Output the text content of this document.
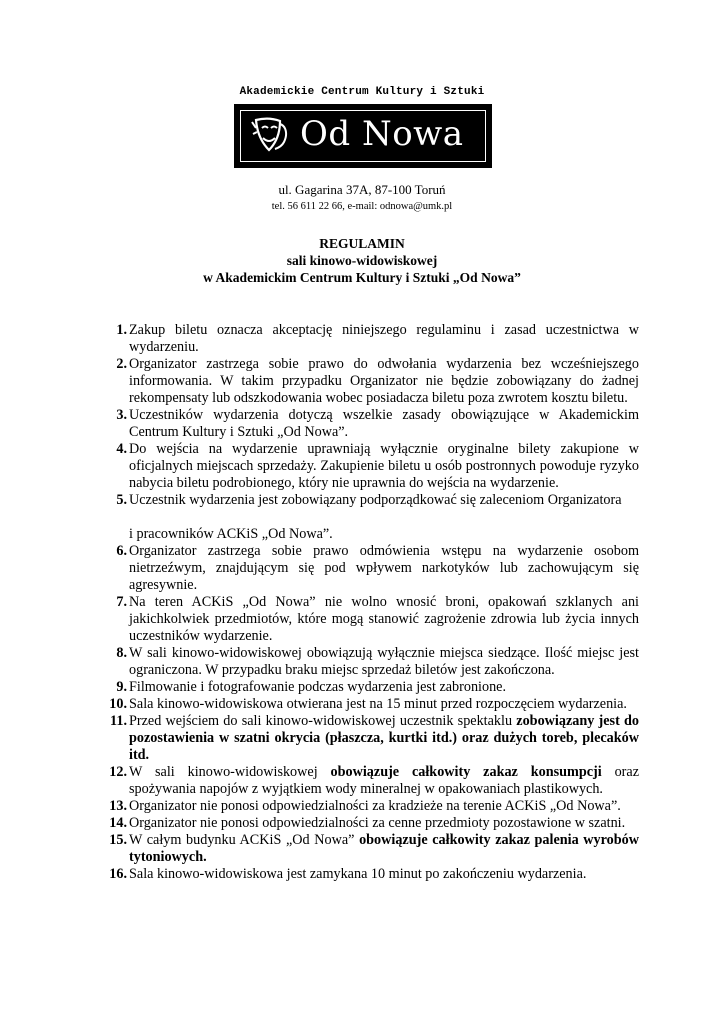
Akademickie Centrum Kultury i Sztuki
Od Nowa
ul. Gagarina 37A, 87-100 Toruń
tel. 56 611 22 66, e-mail: odnowa@umk.pl
REGULAMIN
sali kinowo-widowiskowej
w Akademickim Centrum Kultury i Sztuki „Od Nowa”
1. Zakup biletu oznacza akceptację niniejszego regulaminu i zasad uczestnictwa w wydarzeniu.
2. Organizator zastrzega sobie prawo do odwołania wydarzenia bez wcześniejszego informowania. W takim przypadku Organizator nie będzie zobowiązany do żadnej rekompensaty lub odszkodowania wobec posiadacza biletu poza zwrotem kosztu biletu.
3. Uczestników wydarzenia dotyczą wszelkie zasady obowiązujące w Akademickim Centrum Kultury i Sztuki „Od Nowa”.
4. Do wejścia na wydarzenie uprawniają wyłącznie oryginalne bilety zakupione w oficjalnych miejscach sprzedaży. Zakupienie biletu u osób postronnych powoduje ryzyko nabycia biletu podrobionego, który nie uprawnia do wejścia na wydarzenie.
5. Uczestnik wydarzenia jest zobowiązany podporządkować się zaleceniom Organizatora

i pracowników ACKiS „Od Nowa”.
6. Organizator zastrzega sobie prawo odmówienia wstępu na wydarzenie osobom nietrzeźwym, znajdującym się pod wpływem narkotyków lub zachowującym się agresywnie.
7. Na teren ACKiS „Od Nowa” nie wolno wnosić broni, opakowań szklanych ani jakichkolwiek przedmiotów, które mogą stanowić zagrożenie zdrowia lub życia innych uczestników wydarzenie.
8. W sali kinowo-widowiskowej obowiązują wyłącznie miejsca siedzące. Ilość miejsc jest ograniczona. W przypadku braku miejsc sprzedaż biletów jest zakończona.
9. Filmowanie i fotografowanie podczas wydarzenia jest zabronione.
10. Sala kinowo-widowiskowa otwierana jest na 15 minut przed rozpoczęciem wydarzenia.
11. Przed wejściem do sali kinowo-widowiskowej uczestnik spektaklu zobowiązany jest do pozostawienia w szatni okrycia (płaszcza, kurtki itd.) oraz dużych toreb, plecaków itd.
12. W sali kinowo-widowiskowej obowiązuje całkowity zakaz konsumpcji oraz spożywania napojów z wyjątkiem wody mineralnej w opakowaniach plastikowych.
13. Organizator nie ponosi odpowiedzialności za kradzieże na terenie ACKiS „Od Nowa”.
14. Organizator nie ponosi odpowiedzialności za cenne przedmioty pozostawione w szatni.
15. W całym budynku ACKiS „Od Nowa” obowiązuje całkowity zakaz palenia wyrobów tytoniowych.
16. Sala kinowo-widowiskowa jest zamykana 10 minut po zakończeniu wydarzenia.
